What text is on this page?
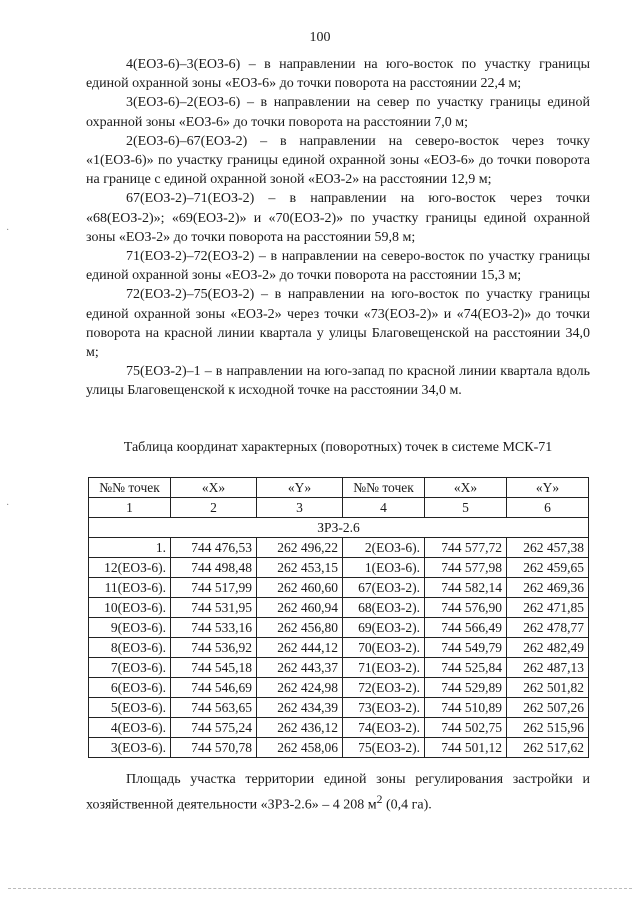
100
·
·

4(ЕОЗ-6)–3(ЕОЗ-6) – в направлении на юго-восток по участку границы единой охранной зоны «ЕОЗ-6» до точки поворота на расстоянии 22,4 м;

3(ЕОЗ-6)–2(ЕОЗ-6) – в направлении на север по участку границы единой охранной зоны «ЕОЗ-6» до точки поворота на расстоянии 7,0 м;

2(ЕОЗ-6)–67(ЕОЗ-2) – в направлении на северо-восток через точку «1(ЕОЗ-6)» по участку границы единой охранной зоны «ЕОЗ-6» до точки поворота на границе с единой охранной зоной «ЕОЗ-2» на расстоянии 12,9 м;

67(ЕОЗ-2)–71(ЕОЗ-2) – в направлении на юго-восток через точки «68(ЕОЗ-2)»; «69(ЕОЗ-2)» и «70(ЕОЗ-2)» по участку границы единой охранной зоны «ЕОЗ-2» до точки поворота на расстоянии 59,8 м;

71(ЕОЗ-2)–72(ЕОЗ-2) – в направлении на северо-восток по участку границы единой охранной зоны «ЕОЗ-2» до точки поворота на расстоянии 15,3 м;

72(ЕОЗ-2)–75(ЕОЗ-2) – в направлении на юго-восток по участку границы единой охранной зоны «ЕОЗ-2» через точки «73(ЕОЗ-2)» и «74(ЕОЗ-2)» до точки поворота на красной линии квартала у улицы Благовещенской на расстоянии 34,0 м;

75(ЕОЗ-2)–1 – в направлении на юго-запад по красной линии квартала вдоль улицы Благовещенской к исходной точке на расстоянии 34,0 м.

Таблица координат характерных (поворотных) точек в системе МСК-71
№№ точек	«X»	«Y»	№№ точек	«X»	«Y»
1	2	3	4	5	6
ЗРЗ-2.6					
1.	744 476,53	262 496,22	2(ЕОЗ-6).	744 577,72	262 457,38
12(ЕОЗ-6).	744 498,48	262 453,15	1(ЕОЗ-6).	744 577,98	262 459,65
11(ЕОЗ-6).	744 517,99	262 460,60	67(ЕОЗ-2).	744 582,14	262 469,36
10(ЕОЗ-6).	744 531,95	262 460,94	68(ЕОЗ-2).	744 576,90	262 471,85
9(ЕОЗ-6).	744 533,16	262 456,80	69(ЕОЗ-2).	744 566,49	262 478,77
8(ЕОЗ-6).	744 536,92	262 444,12	70(ЕОЗ-2).	744 549,79	262 482,49
7(ЕОЗ-6).	744 545,18	262 443,37	71(ЕОЗ-2).	744 525,84	262 487,13
6(ЕОЗ-6).	744 546,69	262 424,98	72(ЕОЗ-2).	744 529,89	262 501,82
5(ЕОЗ-6).	744 563,65	262 434,39	73(ЕОЗ-2).	744 510,89	262 507,26
4(ЕОЗ-6).	744 575,24	262 436,12	74(ЕОЗ-2).	744 502,75	262 515,96
3(ЕОЗ-6).	744 570,78	262 458,06	75(ЕОЗ-2).	744 501,12	262 517,62

Площадь участка территории единой зоны регулирования застройки и хозяйственной деятельности «ЗРЗ-2.6» – 4 208 $м^2$ (0,4 га).
